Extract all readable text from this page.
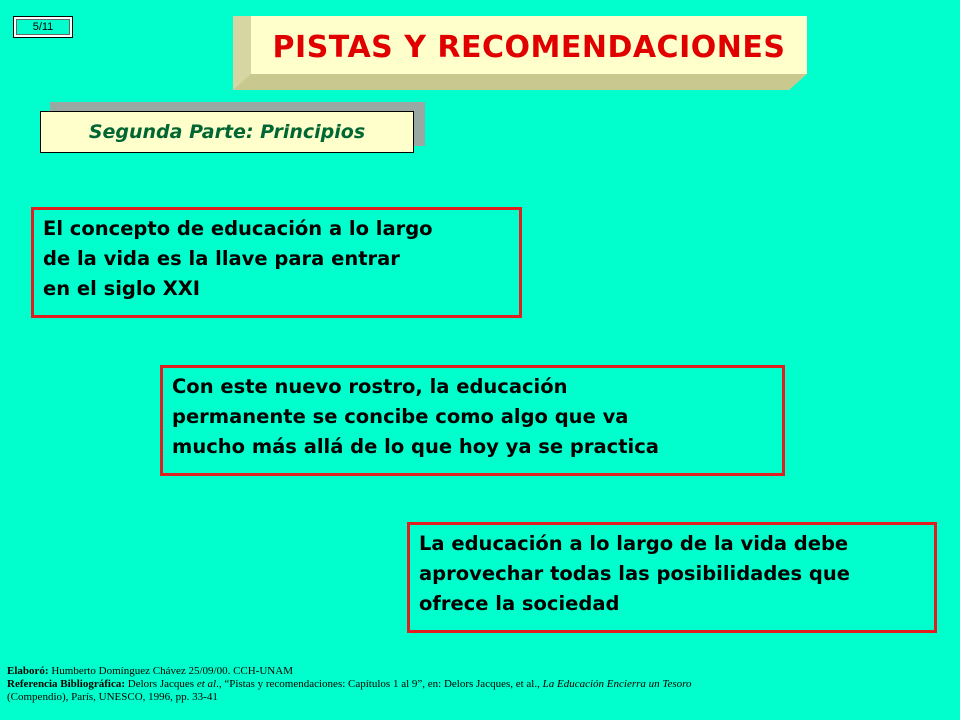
5/11
PISTAS Y RECOMENDACIONES
Segunda Parte: Principios
El concepto de educación a lo largo
de la vida es la llave para entrar
en el siglo XXI
Con este nuevo rostro, la educación
permanente se concibe como algo que va
mucho más allá de lo que hoy ya se practica
La educación a lo largo de la vida debe
aprovechar todas las posibilidades que
ofrece la sociedad
Elaboró: Humberto Domínguez Chávez 25/09/00. CCH-UNAM
Referencia Bibliográfica: Delors Jacques et al., “Pistas y recomendaciones: Capítulos 1 al 9”, en: Delors Jacques, et al., La Educación Encierra un Tesoro
(Compendio), París, UNESCO, 1996, pp. 33-41
